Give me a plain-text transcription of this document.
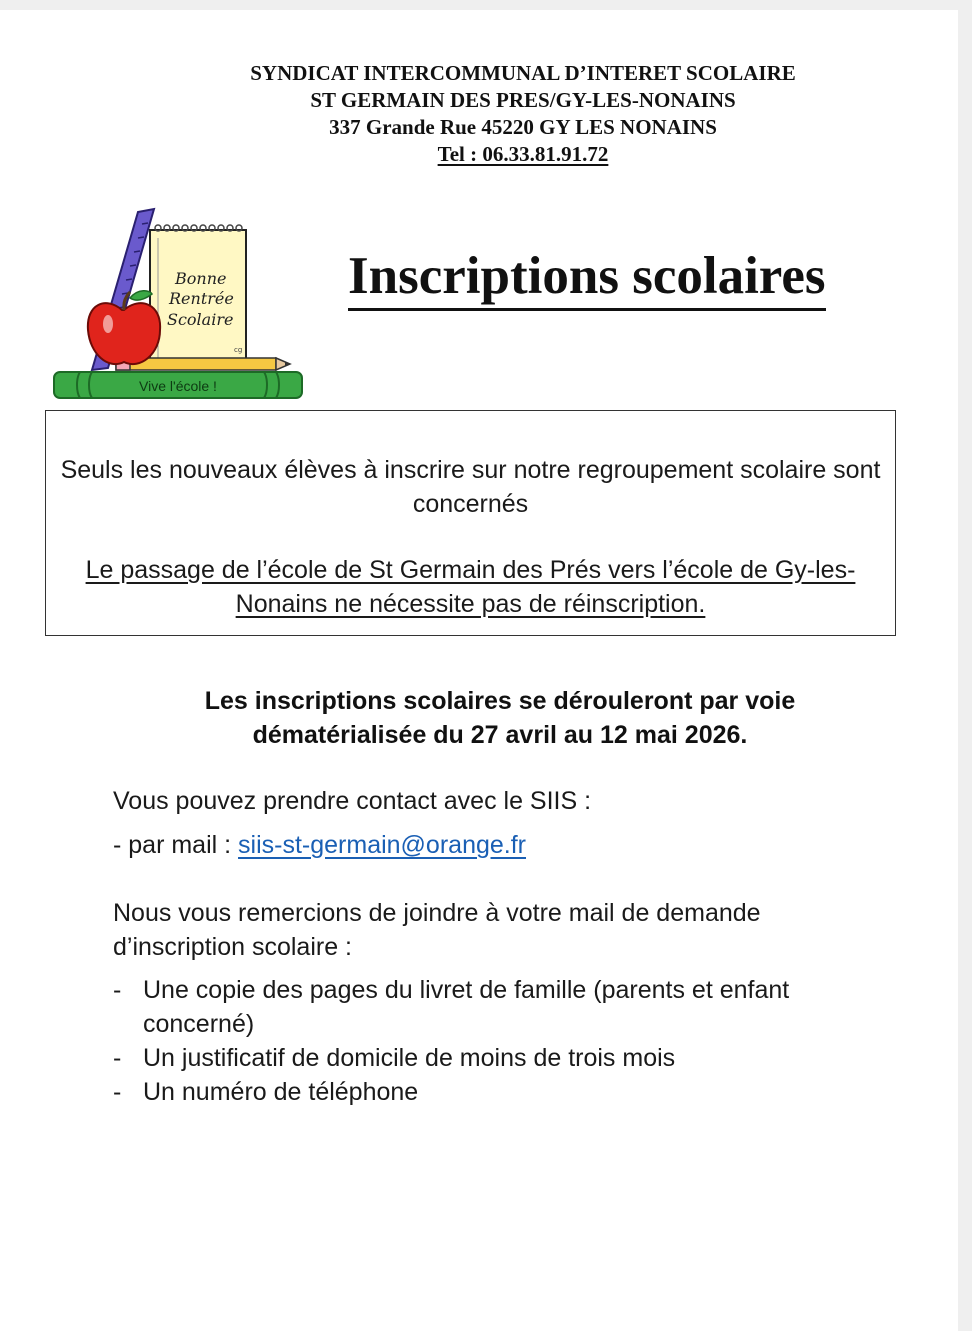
SYNDICAT INTERCOMMUNAL D’INTERET SCOLAIRE
ST GERMAIN DES PRES/GY-LES-NONAINS
337 Grande Rue 45220 GY LES NONAINS
Tel : 06.33.81.91.72
Bonne
Rentrée
Scolaire
cg
Vive l'école !
Inscriptions scolaires
Seuls les nouveaux élèves à inscrire sur notre regroupement scolaire sont concernés
Le passage de l’école de St Germain des Prés vers l’école de Gy-les-Nonains ne nécessite pas de réinscription.
Les inscriptions scolaires se dérouleront par voie dématérialisée du 27 avril au 12 mai 2026.
Vous pouvez prendre contact avec le SIIS :
- par mail : siis-st-germain@orange.fr
Nous vous remercions de joindre à votre mail de demande d’inscription scolaire :
- Une copie des pages du livret de famille (parents et enfant concerné)
- Un justificatif de domicile de moins de trois mois
- Un numéro de téléphone
